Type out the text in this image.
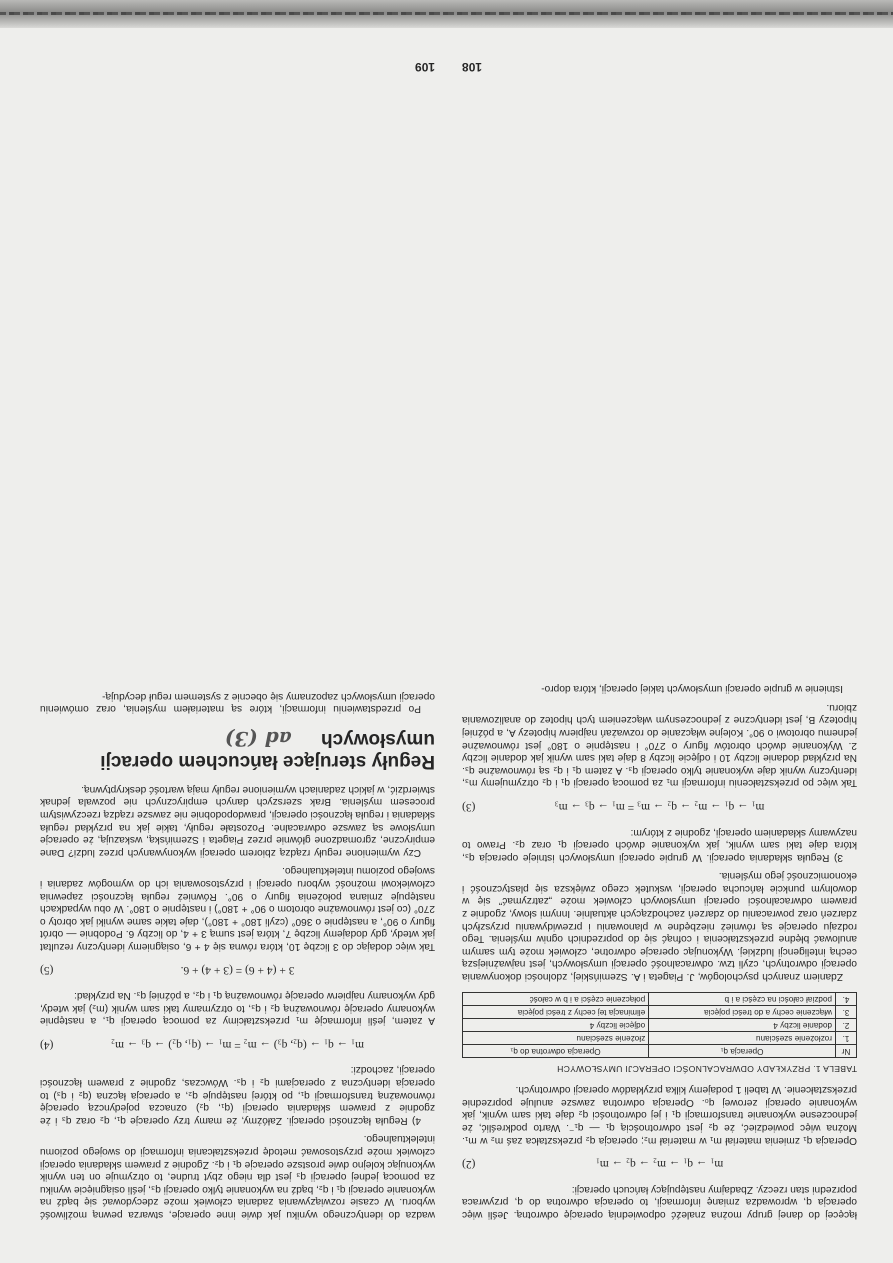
łącęcej do danej grupy można znaleźć odpowiednią operację odwrotną. Jeśli więc operacja q, wprowadza zmianę informacji, to operacja odwrotna do q, przywraca poprzedni stan rzeczy. Zbadajmy następujący łańcuch operacji:

m₁ → q₁ → m₂ → q₂ → m₁
(2)

Operacja q₁ zmienia materiał m₁ w materiał m₂; operacja q₂ przekształca zaś m₂ w m₁. Można więc powiedzieć, że q₂ jest odwrotnością q₁ — q₁⁻. Warto podkreślić, że jednoczesne wykonanie transformacji q₁ i jej odwrotności q₂ daje taki sam wynik, jak wykonanie operacji zerowej q₀. Operacja odwrotna zawsze anuluje poprzednie przekształcenie. W tabeli 1 podajemy kilka przykładów operacji odwrotnych.

TABELA 1. PRZYKŁADY ODWRACALNOŚCI OPERACJI UMYSŁOWYCH
Nr	Operacja q₁	Operacja odwrotna do q₁
1.	rozłożenie sześcianu	złożenie sześcianu
2.	dodanie liczby 4	odjęcie liczby 4
3.	włączenie cechy a do treści pojęcia	eliminacja tej cechy z treści pojęcia
4.	podział całości na części a i b	połączenie części a i b w całość

Zdaniem znanych psychologów, J. Piageta i A. Szemińskiej, zdolności dokonywania operacji odwrotnych, czyli tzw. odwracalność operacji umysłowych, jest najważniejszą cechą inteligencji ludzkiej. Wykonując operacje odwrotne, człowiek może tym samym anulować błędne przekształcenia i cofnąć się do poprzednich ogniw myślenia. Tego rodzaju operacje są również niezbędne w planowaniu i przewidywaniu przyszłych zdarzeń oraz powracaniu do zdarzeń zachodzących aktualnie. Innymi słowy, zgodnie z prawem odwracalności operacji umysłowych człowiek może „zatrzymać” się w dowolnym punkcie łańcucha operacji, wskutek czego zwiększa się plastyczność i ekonomiczność jego myślenia.

3) Reguła składania operacji. W grupie operacji umysłowych istnieje operacja q₃, która daje taki sam wynik, jak wykonanie dwóch operacji q₁ oraz q₂. Prawo to nazywamy składaniem operacji, zgodnie z którym:

m₁ → q₁ → m₂ → q₂ → m₃ = m₁ → q₃ → m₃
(3)

Tak więc po przekształceniu informacji m₁ za pomocą operacji q₁ i q₂ otrzymujemy m₃, identyczny wynik daje wykonanie tylko operacji q₃. A zatem q₁ i q₂ są równoważne q₃. Na przykład dodanie liczby 10 i odjęcie liczby 8 daje taki sam wynik jak dodanie liczby 2. Wykonanie dwóch obrotów figury o 270° i następnie o 180° jest równoważne jednemu obrotowi o 90°. Kolejne włączanie do rozważań najpierw hipotezy A, a później hipotezy B, jest identyczne z jednoczesnym włączeniem tych hipotez do analizowania zbioru.

Istnienie w grupie operacji umysłowych takiej operacji, która dopro-

108

wadza do identycznego wyniku jak dwie inne operacje, stwarza pewną możliwość wyboru. W czasie rozwiązywania zadania człowiek może zdecydować się bądź na wykonanie operacji q₁ i q₂, bądź na wykonanie tylko operacji q₃, jeśli osiągnięcie wyniku za pomocą jednej operacji q₃ jest dla niego zbyt trudne, to otrzymuje on ten wynik wykonując kolejno dwie prostsze operacje q₁ i q₂. Zgodnie z prawem składania operacji człowiek może przystosować metodę przekształcania informacji do swojego poziomu intelektualnego.

4) Reguła łączności operacji. Załóżmy, że mamy trzy operacje q₁, q₂ oraz q₃ i że zgodnie z prawem składania operacji (q₁, q₂) oznacza pojedynczą operację równoważną transformacji q₁, po której następuje q₂, a operacja łączna (q₂ i q₃) to operacja identyczna z operacjami q₂ i q₃. Wówczas, zgodnie z prawem łączności operacji, zachodzi:

m₁ → q₁ → (q₂, q₃) → m₂ = m₁ → (q₁, q₂) → q₃ → m₂
(4)

A zatem, jeśli informację m₁ przekształcimy za pomocą operacji q₁, a następnie wykonamy operację równoważną q₂ i q₃, to otrzymamy taki sam wynik (m₂) jak wtedy, gdy wykonamy najpierw operację równoważną q₁ i q₂, a później q₃. Na przykład:

3 + (4 + 6) = (3 + 4) + 6.
(5)

Tak więc dodając do 3 liczbę 10, która równa się 4 + 6, osiągniemy identyczny rezultat jak wtedy, gdy dodajemy liczbę 7, która jest sumą 3 + 4, do liczby 6. Podobnie — obrót figury o 90°, a następnie o 360° (czyli 180° + 180°), daje takie same wyniki jak obroty o 270° (co jest równoważne obrotom o 90° + 180°) i następnie o 180°. W obu wypadkach następuje zmiana położenia figury o 90°. Również reguła łączności zapewnia człowiekowi możność wyboru operacji i przystosowania ich do wymogów zadania i swojego poziomu intelektualnego.

Czy wymienione reguły rządzą zbiorem operacji wykonywanych przez ludzi? Dane empiryczne, zgromadzone głównie przez Piageta i Szemińską, wskazują, że operacje umysłowe są zawsze odwracalne. Pozostałe reguły, takie jak na przykład reguła składania i reguła łączności operacji, prawdopodobnie nie zawsze rządzą rzeczywistym procesem myślenia. Brak szerszych danych empirycznych nie pozwala jednak stwierdzić, w jakich zadaniach wymienione reguły mają wartość deskryptywną.

Reguły sterujące łańcuchem operacji umysłowych ad (3)

Po przedstawieniu informacji, które są materiałem myślenia, oraz omówieniu operacji umysłowych zapoznamy się obecnie z systemem reguł decydują-

109
